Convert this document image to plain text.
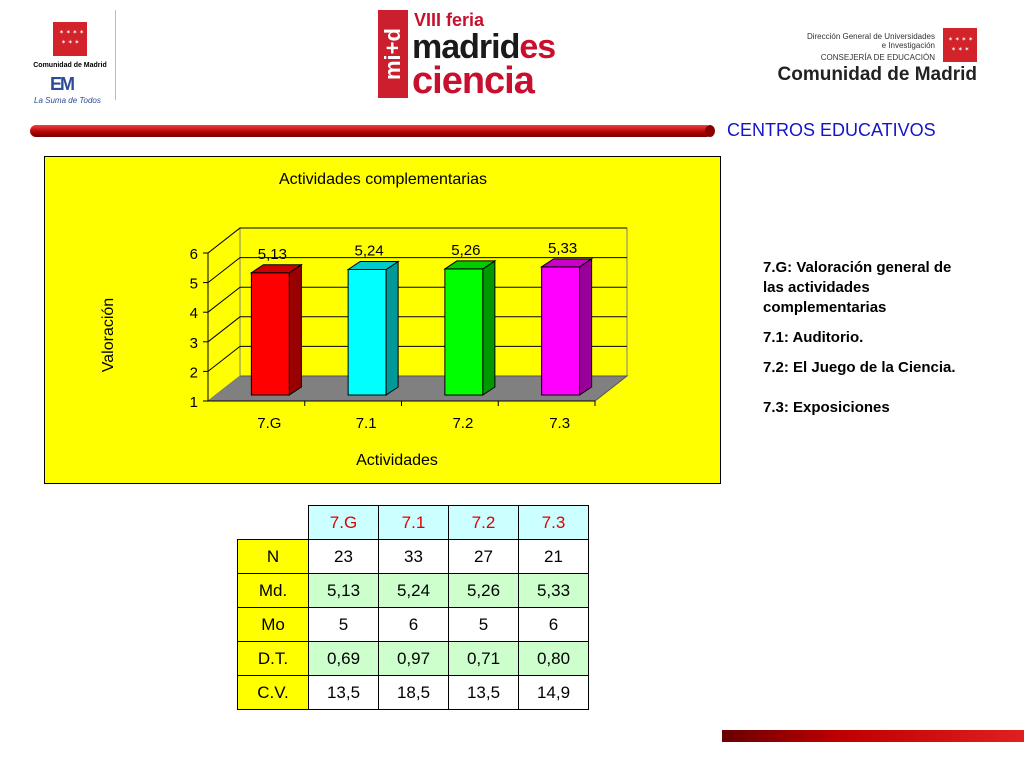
✶ ✶ ✶ ✶
✶ ✶ ✶
Comunidad de Madrid
EM
La Suma de Todos
mi+d
VIII feria
madrides
ciencia
Dirección General de Universidades
e Investigación
CONSEJERÍA DE EDUCACIÓN
✶ ✶ ✶ ✶
✶ ✶ ✶
Comunidad de Madrid
CENTROS EDUCATIVOS
Actividades complementarias
1
2
3
4
5
6	5,13
7.G
5,24
7.1
5,26
7.2
5,33
7.3
Actividades
Valoración

7.G: Valoración general de las actividades complementarias

7.1: Auditorio.

7.2: El Juego de la Ciencia.

7.3: Exposiciones

	7.G	7.1	7.2	7.3
N	23	33	27	21
Md.	5,13	5,24	5,26	5,33
Mo	5	6	5	6
D.T.	0,69	0,97	0,71	0,80
C.V.	13,5	18,5	13,5	14,9
